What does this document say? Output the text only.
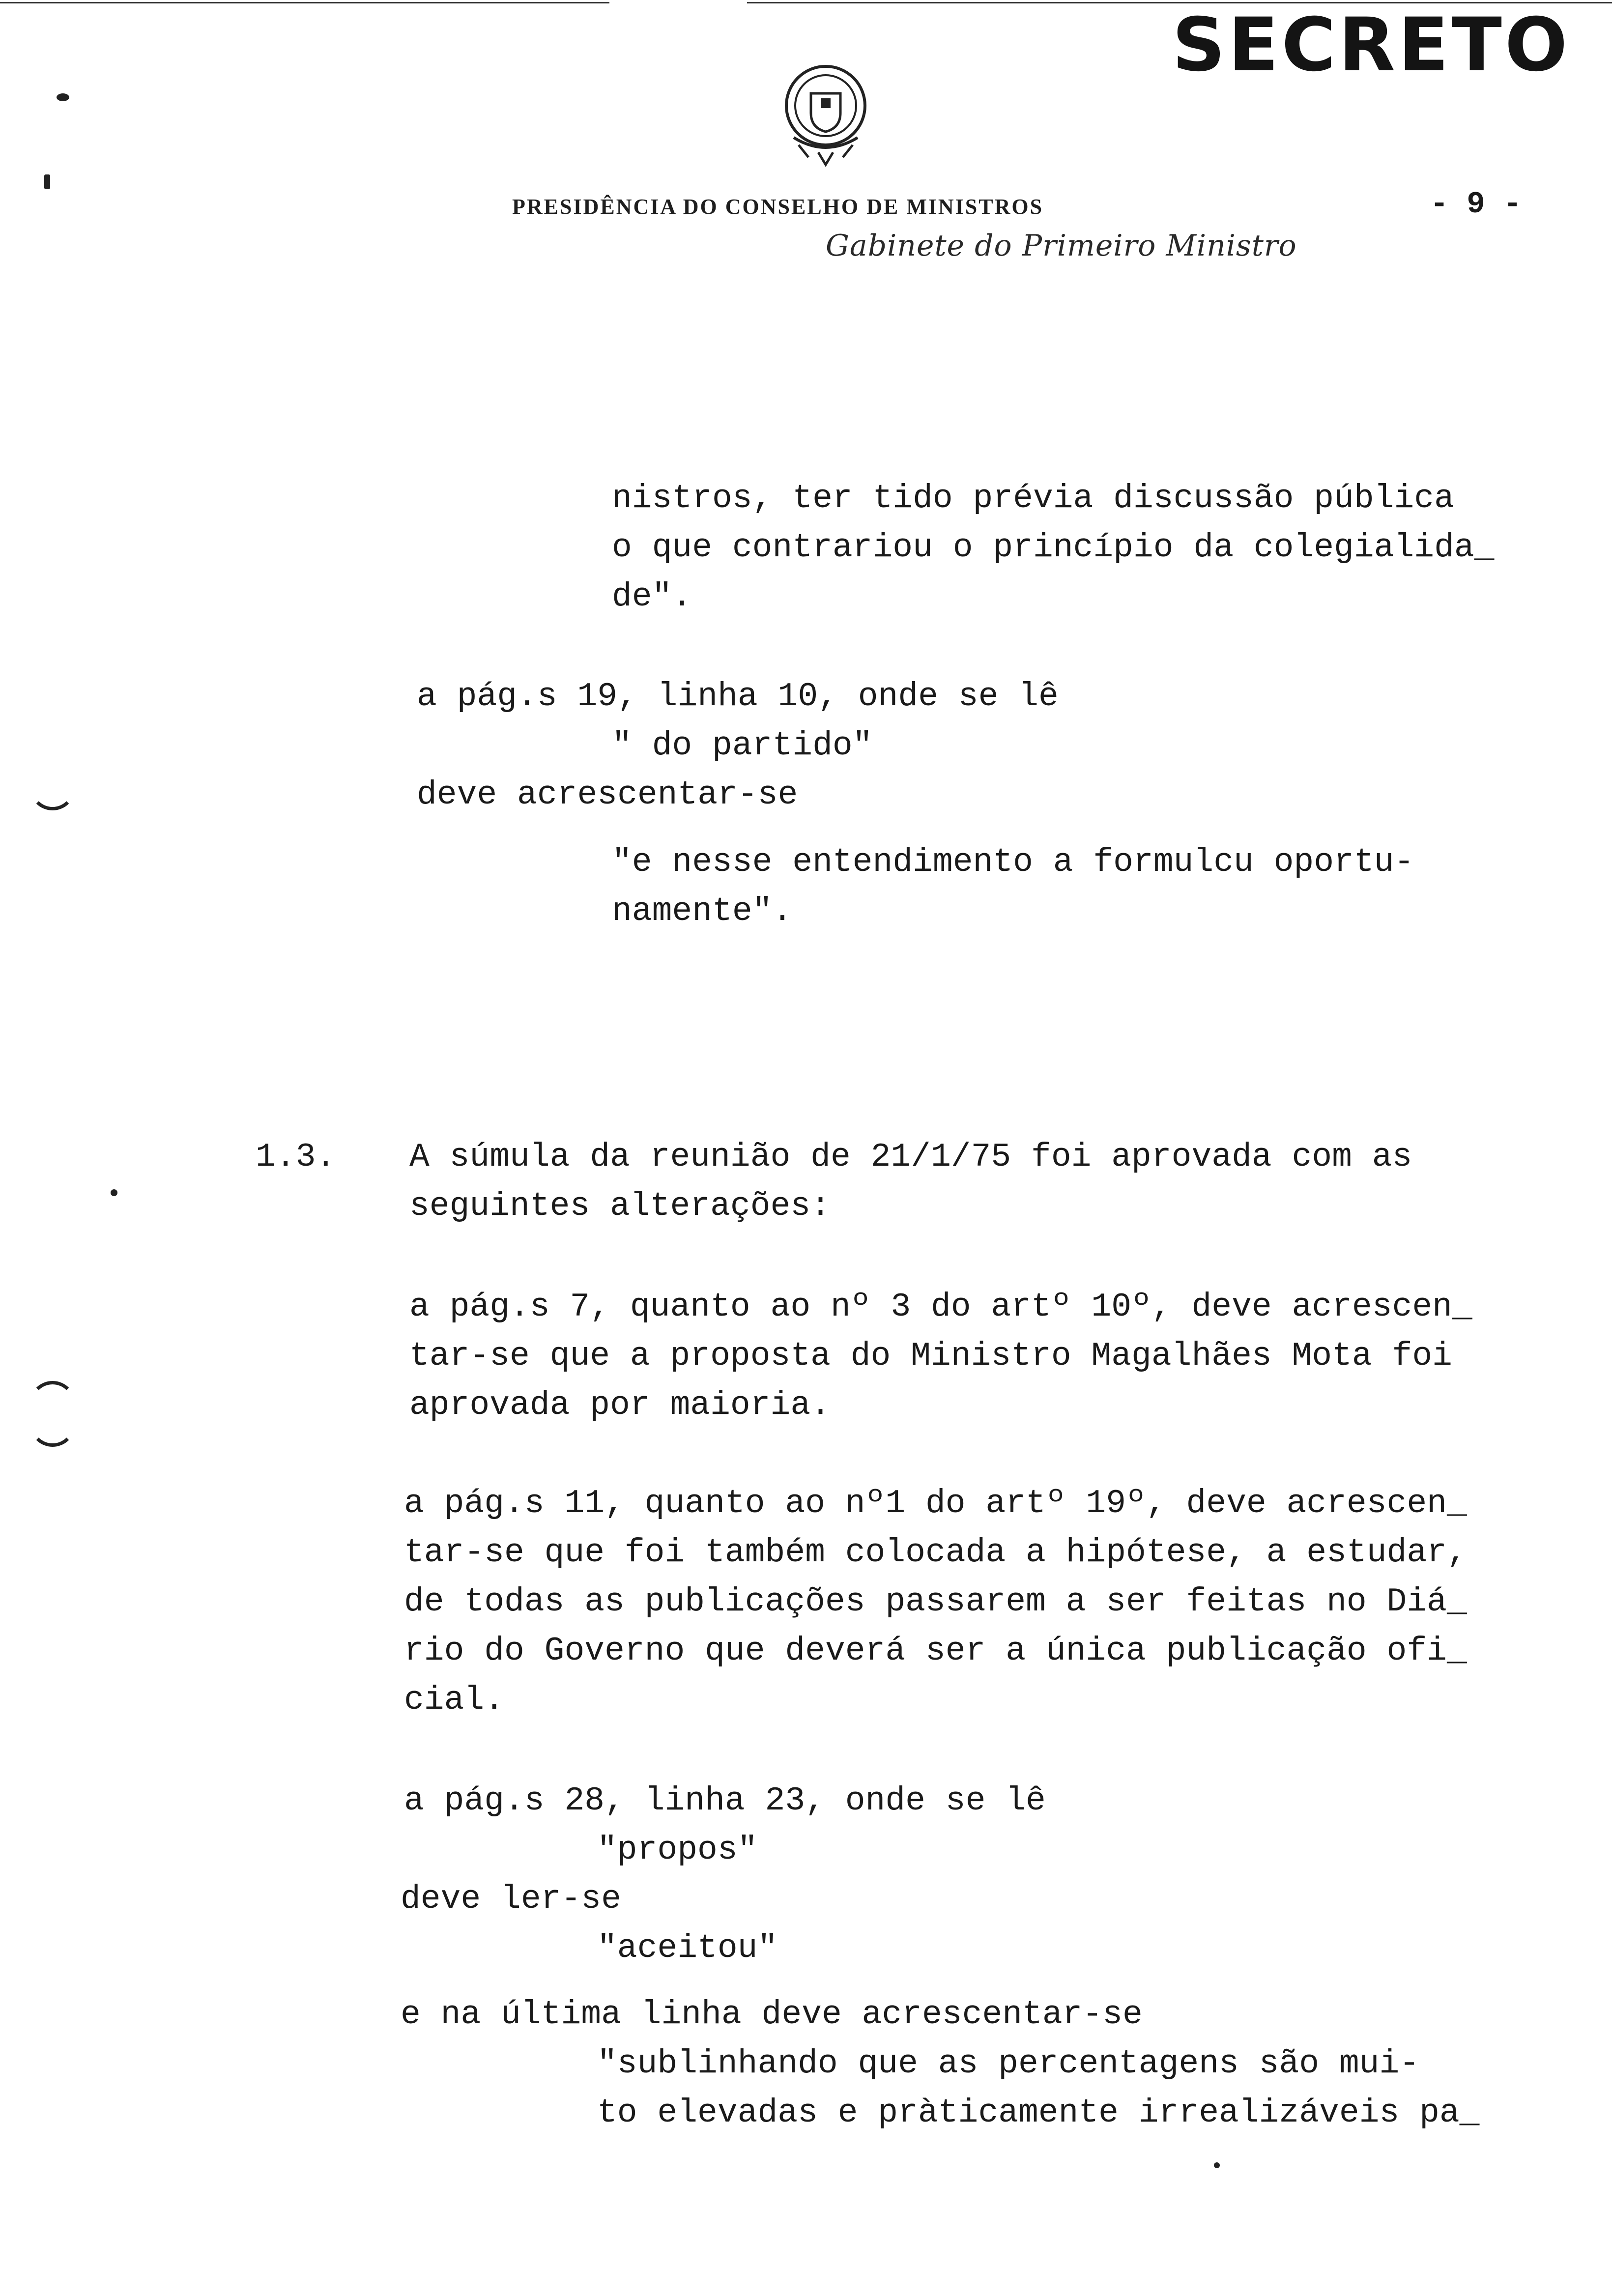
SECRETO
PRESIDÊNCIA DO CONSELHO DE MINISTROS	- 9 -
Gabinete do Primeiro Ministro
nistros, ter tido prévia discussão pública
o que contrariou o princípio da colegialida_
de".
a pág.s 19, linha 10, onde se lê
" do partido"
deve acrescentar-se
"e nesse entendimento a formulcu oportu-
namente".
1.3. A súmula da reunião de 21/1/75 foi aprovada com as
seguintes alterações:
a pág.s 7, quanto ao nº 3 do artº 10º, deve acrescen_
tar-se que a proposta do Ministro Magalhães Mota foi
aprovada por maioria.
a pág.s 11, quanto ao nº1 do artº 19º, deve acrescen_
tar-se que foi também colocada a hipótese, a estudar,
de todas as publicações passarem a ser feitas no Diá_
rio do Governo que deverá ser a única publicação ofi_
cial.
a pág.s 28, linha 23, onde se lê
"propos"
deve ler-se
"aceitou"
e na última linha deve acrescentar-se
"sublinhando que as percentagens são mui-
to elevadas e pràticamente irrealizáveis pa_
